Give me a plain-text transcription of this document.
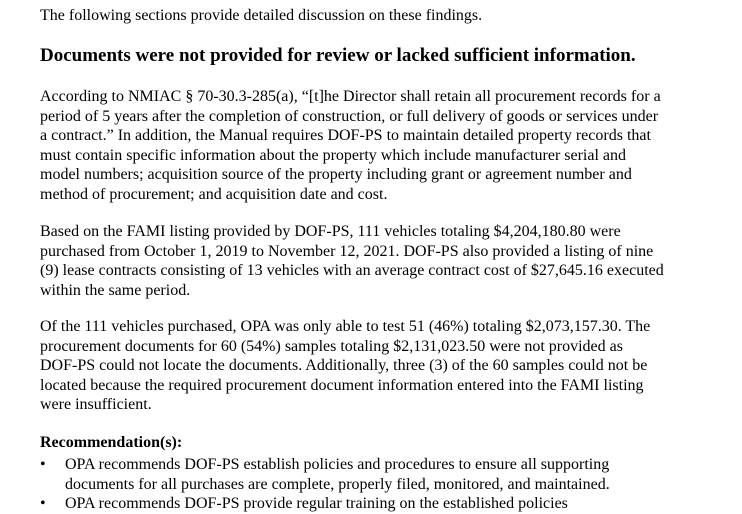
The following sections provide detailed discussion on these findings.
Documents were not provided for review or lacked sufficient information.
According to NMIAC § 70-30.3-285(a), “[t]he Director shall retain all procurement records for a
period of 5 years after the completion of construction, or full delivery of goods or services under
a contract.” In addition, the Manual requires DOF-PS to maintain detailed property records that
must contain specific information about the property which include manufacturer serial and
model numbers; acquisition source of the property including grant or agreement number and
method of procurement; and acquisition date and cost.
Based on the FAMI listing provided by DOF-PS, 111 vehicles totaling $4,204,180.80 were
purchased from October 1, 2019 to November 12, 2021. DOF-PS also provided a listing of nine
(9) lease contracts consisting of 13 vehicles with an average contract cost of $27,645.16 executed
within the same period.
Of the 111 vehicles purchased, OPA was only able to test 51 (46%) totaling $2,073,157.30. The
procurement documents for 60 (54%) samples totaling $2,131,023.50 were not provided as
DOF-PS could not locate the documents. Additionally, three (3) of the 60 samples could not be
located because the required procurement document information entered into the FAMI listing
were insufficient.
Recommendation(s):
• OPA recommends DOF-PS establish policies and procedures to ensure all supporting
documents for all purchases are complete, properly filed, monitored, and maintained.
• OPA recommends DOF-PS provide regular training on the established policies
